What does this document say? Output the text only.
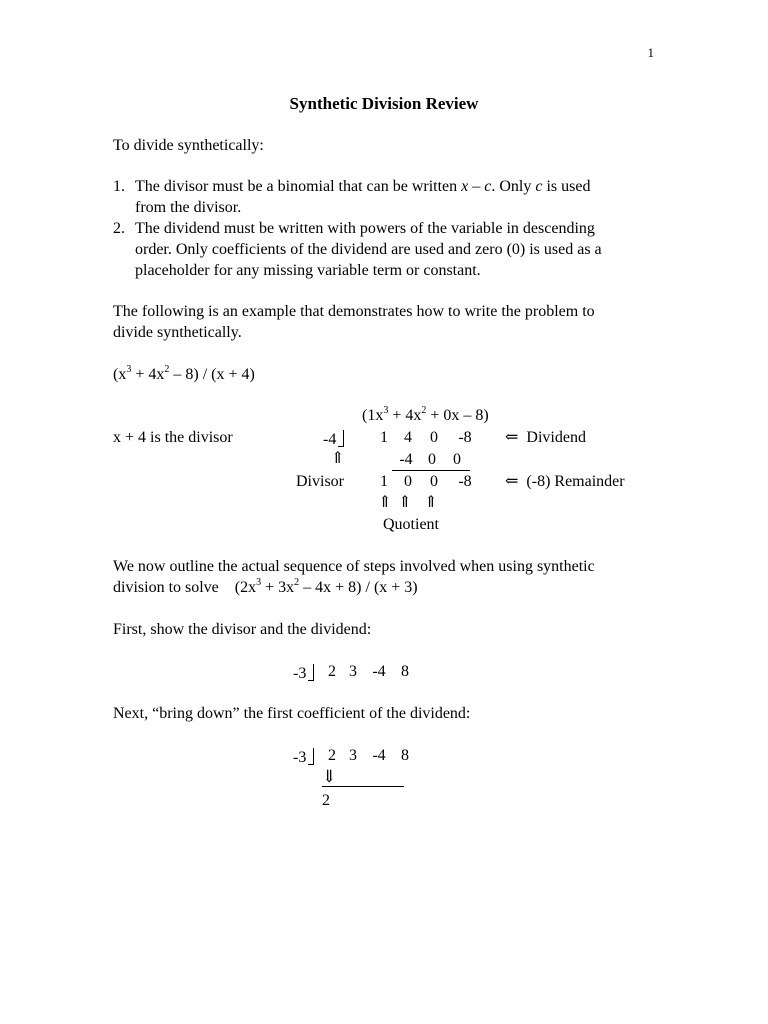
1
Synthetic Division Review
To divide synthetically:
1. The divisor must be a binomial that can be written x – c. Only c is used
from the divisor.
2. The dividend must be written with powers of the variable in descending
order. Only coefficients of the dividend are used and zero (0) is used as a
placeholder for any missing variable term or constant.
The following is an example that demonstrates how to write the problem to
divide synthetically.
$(x^3 + 4x^2 - 8) / (x + 4)$
$(1x^3 + 4x^2 + 0x - 8)$
x + 4 is the divisor	-4	1 4 0 -8	⇐ Dividend
⇑	-4 0 0
Divisor	1 0 0 -8	⇐ (-8) Remainder
⇑ ⇑ ⇑
Quotient
We now outline the actual sequence of steps involved when using synthetic
division to solve $(2x^3 + 3x^2 - 4x + 8) / (x + 3)$
First, show the divisor and the dividend:
-3	2 3 -4 8
Next, “bring down” the first coefficient of the dividend:
-3	2 3 -4 8
⇓
2
